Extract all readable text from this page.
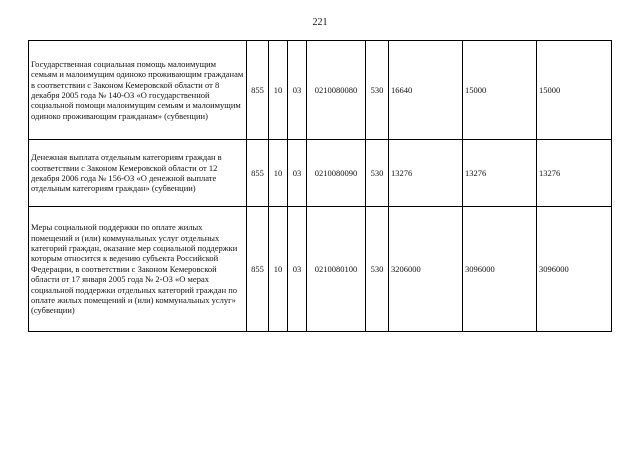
221
Государственная социальная помощь малоимущим семьям и малоимущим одиноко проживающим гражданам в соответствии с Законом Кемеровской области от 8 декабря 2005 года № 140-ОЗ «О государственной социальной помощи малоимущим семьям и малоимущим одиноко проживающим гражданам» (субвенции)	855	10	03	0210080080	530	16640	15000	15000
Денежная выплата отдельным категориям граждан в соответствии с Законом Кемеровской области от 12 декабря 2006 года № 156-ОЗ «О денежной выплате отдельным категориям граждан» (субвенции)	855	10	03	0210080090	530	13276	13276	13276
Меры социальной поддержки по оплате жилых помещений и (или) коммунальных услуг отдельных категорий граждан, оказание мер социальной поддержки которым относится к ведению субъекта Российской Федерации, в соответствии с Законом Кемеровской области от 17 января 2005 года № 2-ОЗ «О мерах социальной поддержки отдельных категорий граждан по оплате жилых помещений и (или) коммунальных услуг» (субвенции)	855	10	03	0210080100	530	3206000	3096000	3096000
